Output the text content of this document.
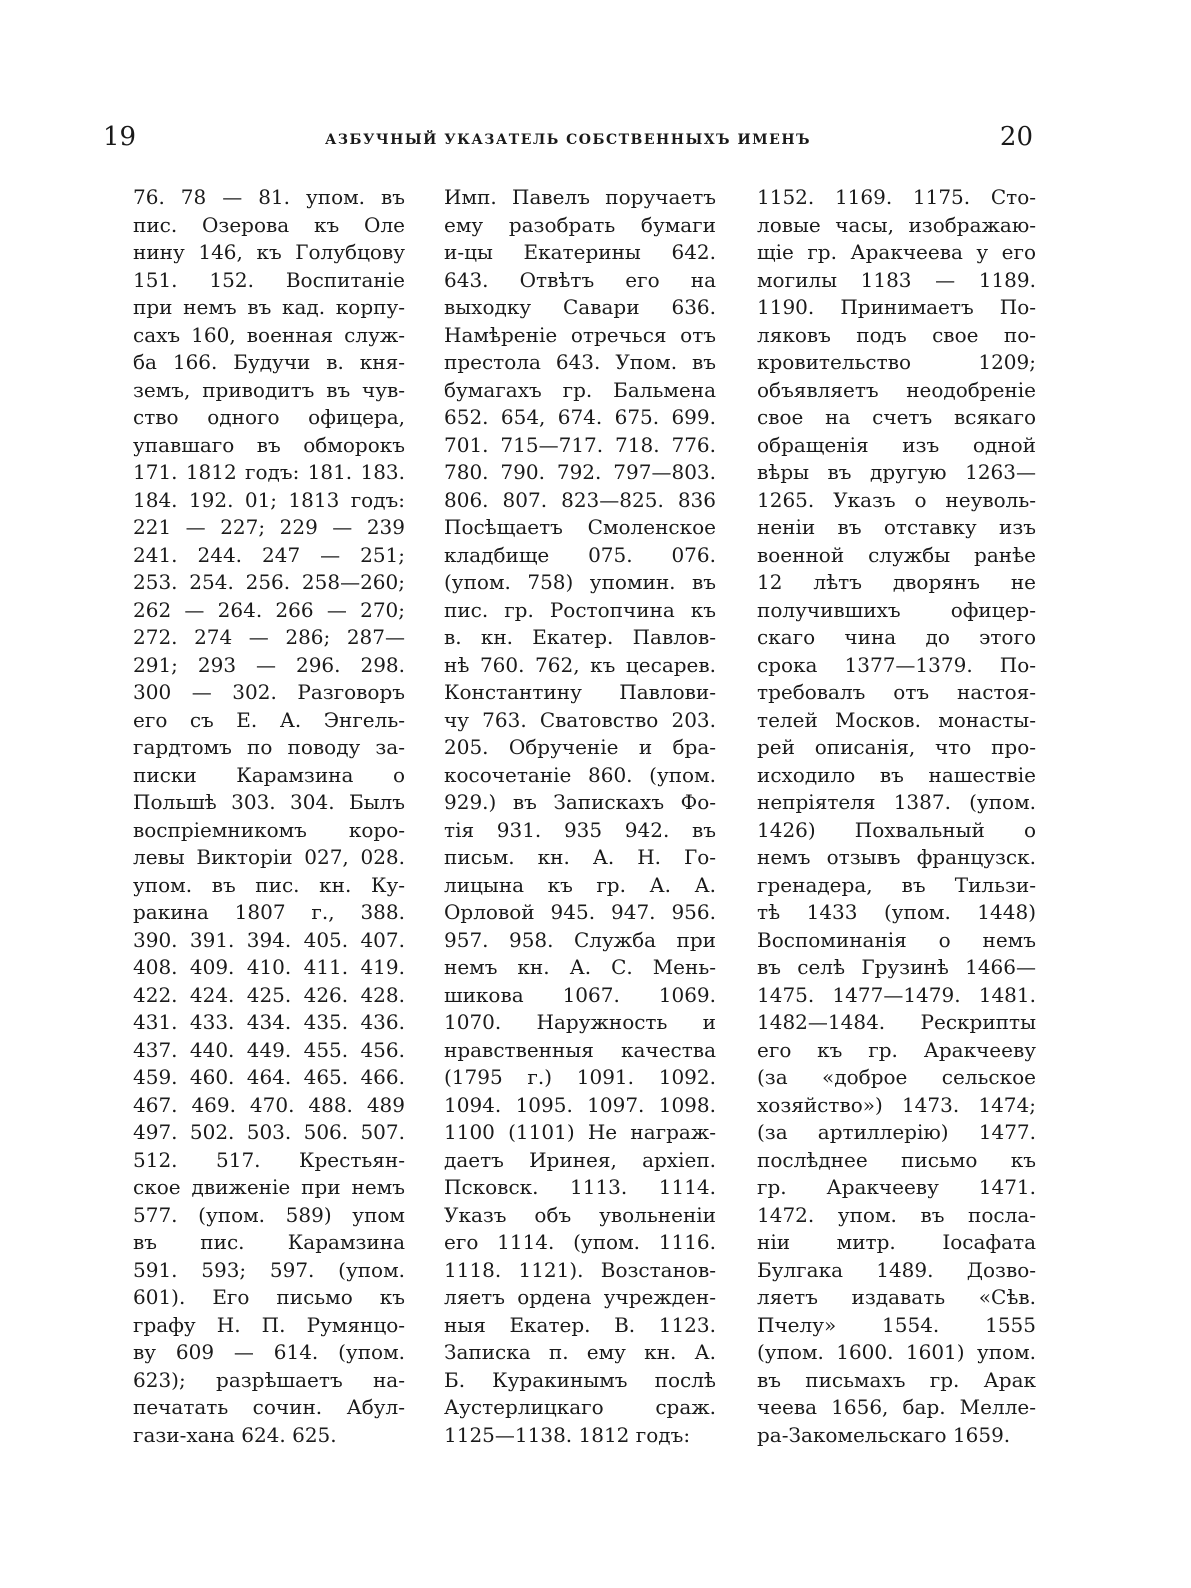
19	АЗБУЧНЫЙ УКАЗАТЕЛЬ СОБСТВЕННЫХЪ ИМЕНЪ	20
76. 78 — 81. упом. въ
пис. Озерова къ Оле
нину 146, къ Голубцову
151. 152. Воспитаніе
при немъ въ кад. корпу-
сахъ 160, военная служ-
ба 166. Будучи в. кня-
земъ, приводитъ въ чув-
ство одного офицера,
упавшаго въ обморокъ
171. 1812 годъ: 181. 183.
184. 192. 01; 1813 годъ:
221 — 227; 229 — 239
241. 244. 247 — 251;
253. 254. 256. 258—260;
262 — 264. 266 — 270;
272. 274 — 286; 287—
291; 293 — 296. 298.
300 — 302. Разговоръ
его съ Е. А. Энгель-
гардтомъ по поводу за-
писки Карамзина о
Польшѣ 303. 304. Былъ
воспріемникомъ коро-
левы Викторіи 027, 028.
упом. въ пис. кн. Ку-
ракина 1807 г., 388.
390. 391. 394. 405. 407.
408. 409. 410. 411. 419.
422. 424. 425. 426. 428.
431. 433. 434. 435. 436.
437. 440. 449. 455. 456.
459. 460. 464. 465. 466.
467. 469. 470. 488. 489
497. 502. 503. 506. 507.
512. 517. Крестьян-
ское движеніе при немъ
577. (упом. 589) упом
въ пис. Карамзина
591. 593; 597. (упом.
601). Его письмо къ
графу Н. П. Румянцо-
ву 609 — 614. (упом.
623); разрѣшаетъ на-
печатать сочин. Абул-
гази-хана 624. 625.
Имп. Павелъ поручаетъ
ему разобрать бумаги
и-цы Екатерины 642.
643. Отвѣтъ его на
выходку Савари 636.
Намѣреніе отречься отъ
престола 643. Упом. въ
бумагахъ гр. Бальмена
652. 654, 674. 675. 699.
701. 715—717. 718. 776.
780. 790. 792. 797—803.
806. 807. 823—825. 836
Посѣщаетъ Смоленское
кладбище 075. 076.
(упом. 758) упомин. въ
пис. гр. Ростопчина къ
в. кн. Екатер. Павлов-
нѣ 760. 762, къ цесарев.
Константину Павлови-
чу 763. Сватовство 203.
205. Обрученіе и бра-
косочетаніе 860. (упом.
929.) въ Запискахъ Фо-
тія 931. 935 942. въ
письм. кн. А. Н. Го-
лицына къ гр. А. А.
Орловой 945. 947. 956.
957. 958. Служба при
немъ кн. А. С. Мень-
шикова 1067. 1069.
1070. Наружность и
нравственныя качества
(1795 г.) 1091. 1092.
1094. 1095. 1097. 1098.
1100 (1101) Не награж-
даетъ Иринея, архіеп.
Псковск. 1113. 1114.
Указъ объ увольненіи
его 1114. (упом. 1116.
1118. 1121). Возстанов-
ляетъ ордена учрежден-
ныя Екатер. В. 1123.
Записка п. ему кн. А.
Б. Куракинымъ послѣ
Аустерлицкаго сраж.
1125—1138. 1812 годъ:
1152. 1169. 1175. Сто-
ловые часы, изображаю-
щіе гр. Аракчеева у его
могилы 1183 — 1189.
1190. Принимаетъ По-
ляковъ подъ свое по-
кровительство 1209;
объявляетъ неодобреніе
свое на счетъ всякаго
обращенія изъ одной
вѣры въ другую 1263—
1265. Указъ о неуволь-
неніи въ отставку изъ
военной службы ранѣе
12 лѣтъ дворянъ не
получившихъ офицер-
скаго чина до этого
срока 1377—1379. По-
требовалъ отъ настоя-
телей Москов. монасты-
рей описанія, что про-
исходило въ нашествіе
непріятеля 1387. (упом.
1426) Похвальный о
немъ отзывъ французск.
гренадера, въ Тильзи-
тѣ 1433 (упом. 1448)
Воспоминанія о немъ
въ селѣ Грузинѣ 1466—
1475. 1477—1479. 1481.
1482—1484. Рескрипты
его къ гр. Аракчееву
(за «доброе сельское
хозяйство») 1473. 1474;
(за артиллерію) 1477.
послѣднее письмо къ
гр. Аракчееву 1471.
1472. упом. въ посла-
ніи митр. Іосафата
Булгака 1489. Дозво-
ляетъ издавать «Сѣв.
Пчелу» 1554. 1555
(упом. 1600. 1601) упом.
въ письмахъ гр. Арак
чеева 1656, бар. Мелле-
ра-Закомельскаго 1659.
